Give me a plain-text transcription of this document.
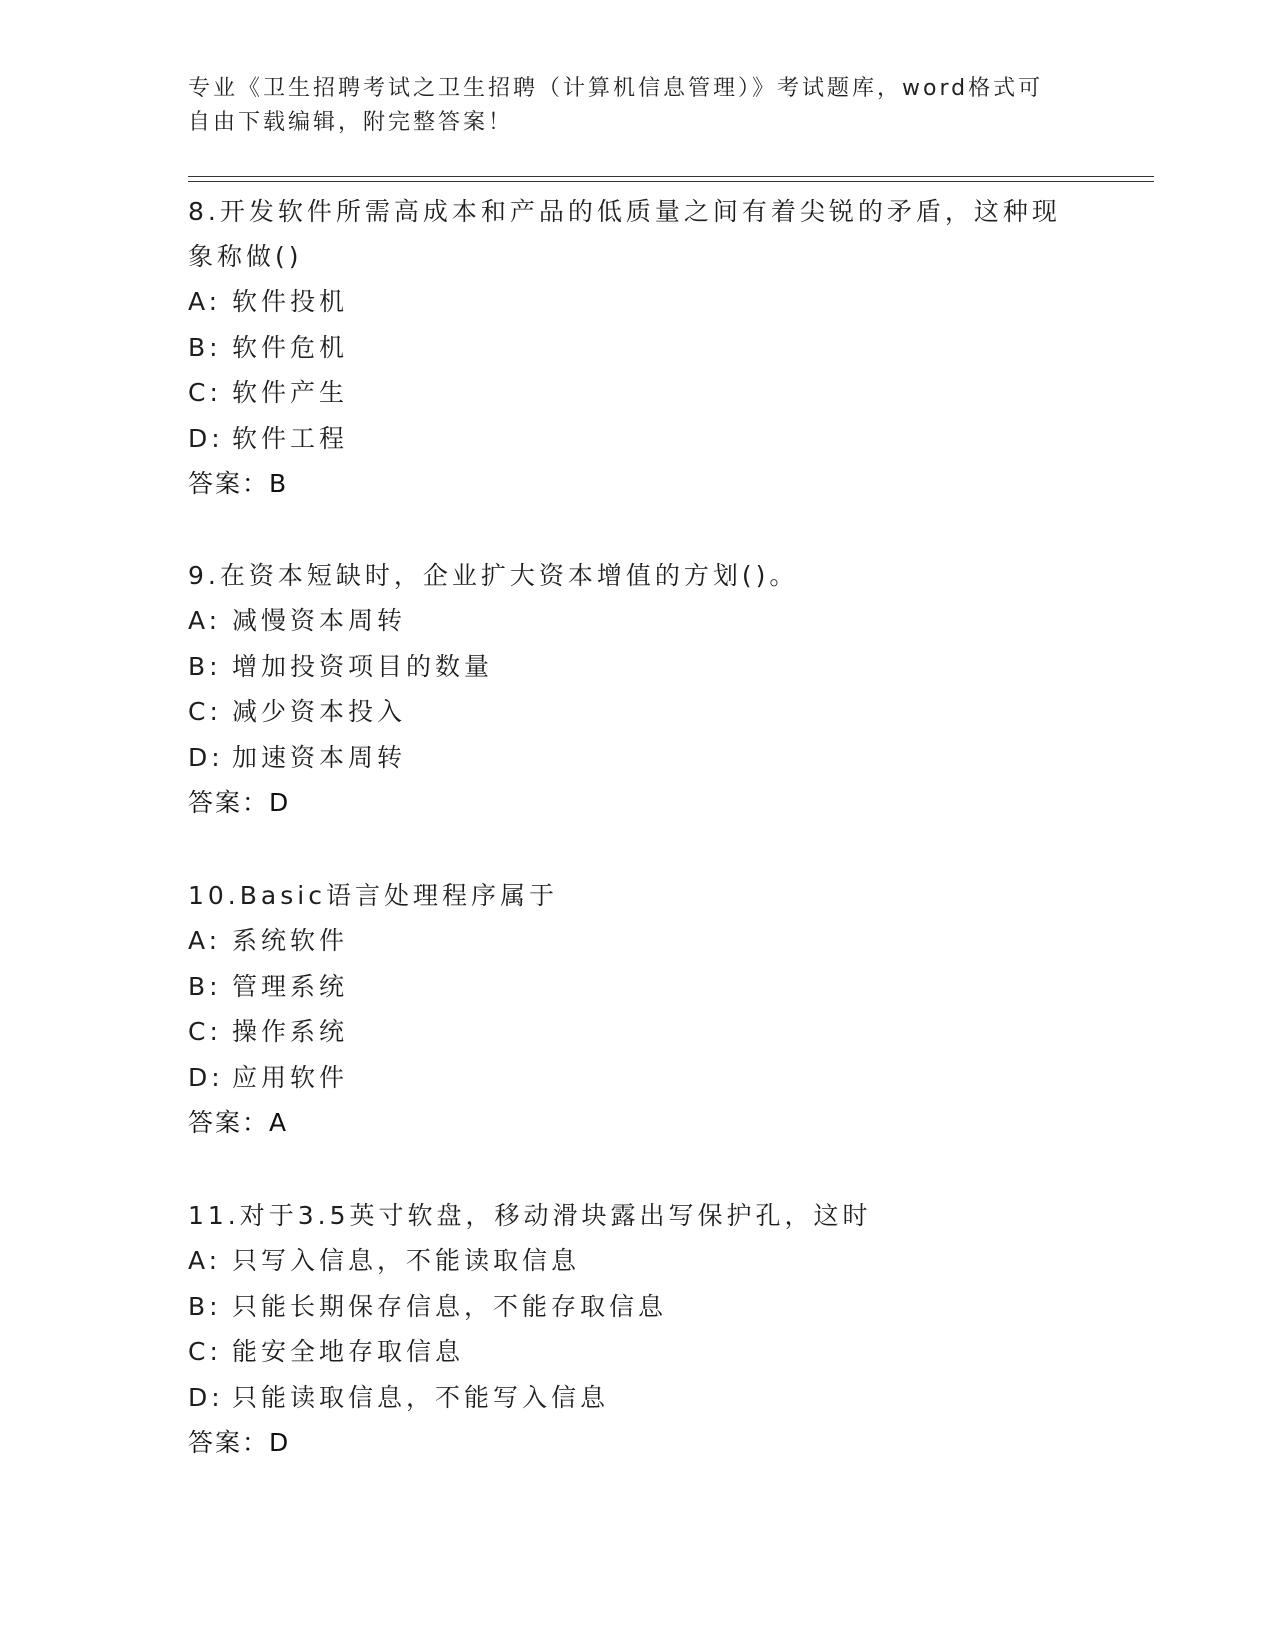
专业《卫生招聘考试之卫生招聘（计算机信息管理）》考试题库，word格式可自由下载编辑，附完整答案！
8.开发软件所需高成本和产品的低质量之间有着尖锐的矛盾，这种现象称做()
A: 软件投机
B: 软件危机
C: 软件产生
D: 软件工程
答案：B
9.在资本短缺时，企业扩大资本增值的方划()。
A: 减慢资本周转
B: 增加投资项目的数量
C: 减少资本投入
D: 加速资本周转
答案：D
10.Basic语言处理程序属于
A: 系统软件
B: 管理系统
C: 操作系统
D: 应用软件
答案：A
11.对于3.5英寸软盘，移动滑块露出写保护孔，这时
A: 只写入信息，不能读取信息
B: 只能长期保存信息，不能存取信息
C: 能安全地存取信息
D: 只能读取信息，不能写入信息
答案：D
